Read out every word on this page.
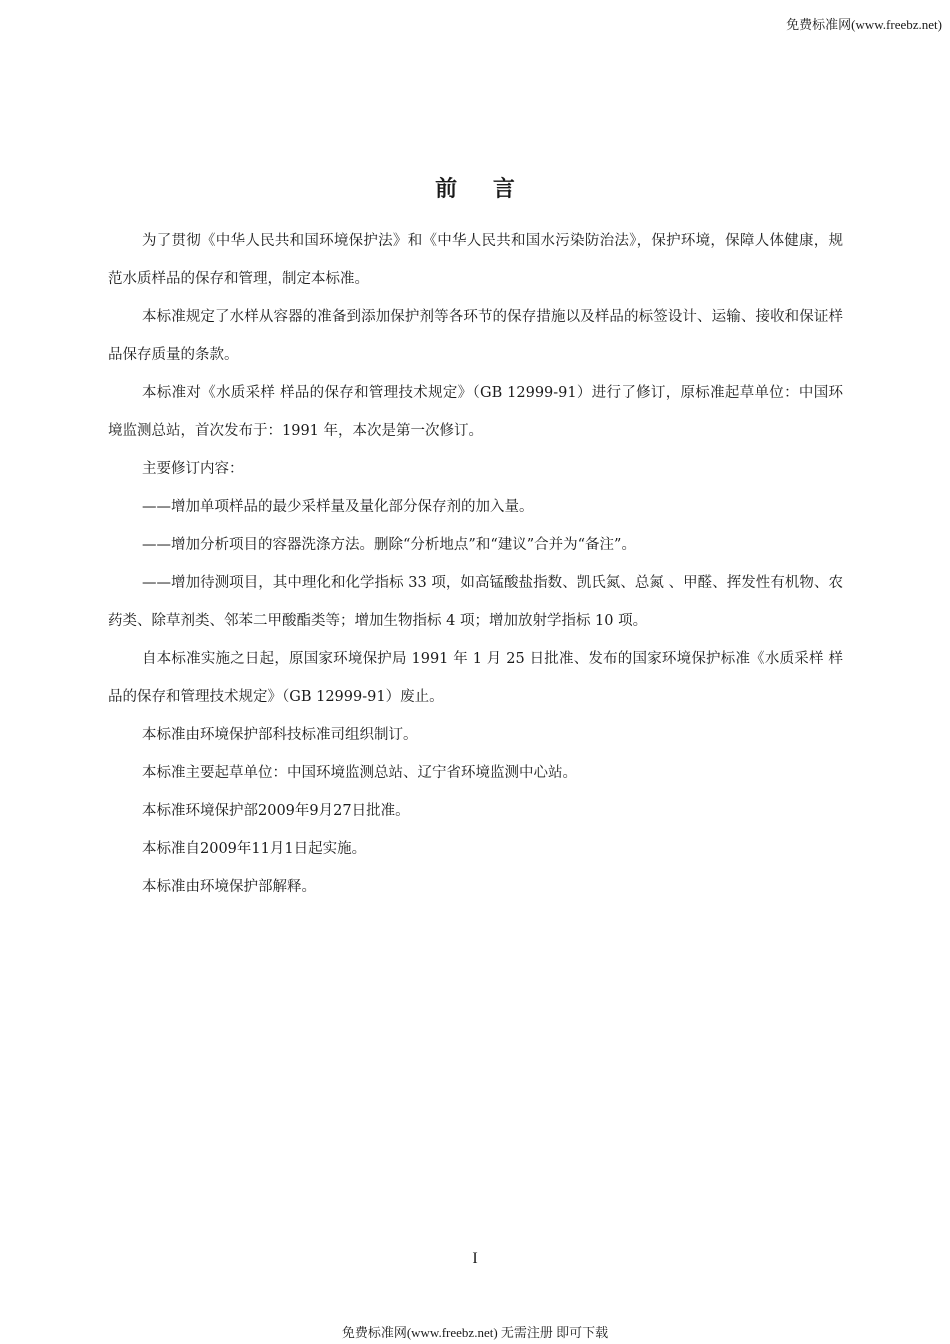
免费标准网(www.freebz.net)
前 言

为了贯彻《中华人民共和国环境保护法》和《中华人民共和国水污染防治法》，保护环境，保障人体健康，规范水质样品的保存和管理，制定本标准。

本标准规定了水样从容器的准备到添加保护剂等各环节的保存措施以及样品的标签设计、运输、接收和保证样品保存质量的条款。

本标准对《水质采样 样品的保存和管理技术规定》（GB 12999-91）进行了修订，原标准起草单位：中国环境监测总站，首次发布于：1991 年，本次是第一次修订。

主要修订内容：

——增加单项样品的最少采样量及量化部分保存剂的加入量。

——增加分析项目的容器洗涤方法。删除“分析地点”和“建议”合并为“备注”。

——增加待测项目，其中理化和化学指标 33 项，如高锰酸盐指数、凯氏氮、总氮 、甲醛、挥发性有机物、农药类、除草剂类、邻苯二甲酸酯类等；增加生物指标 4 项；增加放射学指标 10 项。

自本标准实施之日起，原国家环境保护局 1991 年 1 月 25 日批准、发布的国家环境保护标准《水质采样 样品的保存和管理技术规定》（GB 12999-91）废止。

本标准由环境保护部科技标准司组织制订。

本标准主要起草单位：中国环境监测总站、辽宁省环境监测中心站。

本标准环境保护部2009年9月27日批准。

本标准自2009年11月1日起实施。

本标准由环境保护部解释。

I
免费标准网(www.freebz.net) 无需注册 即可下载
